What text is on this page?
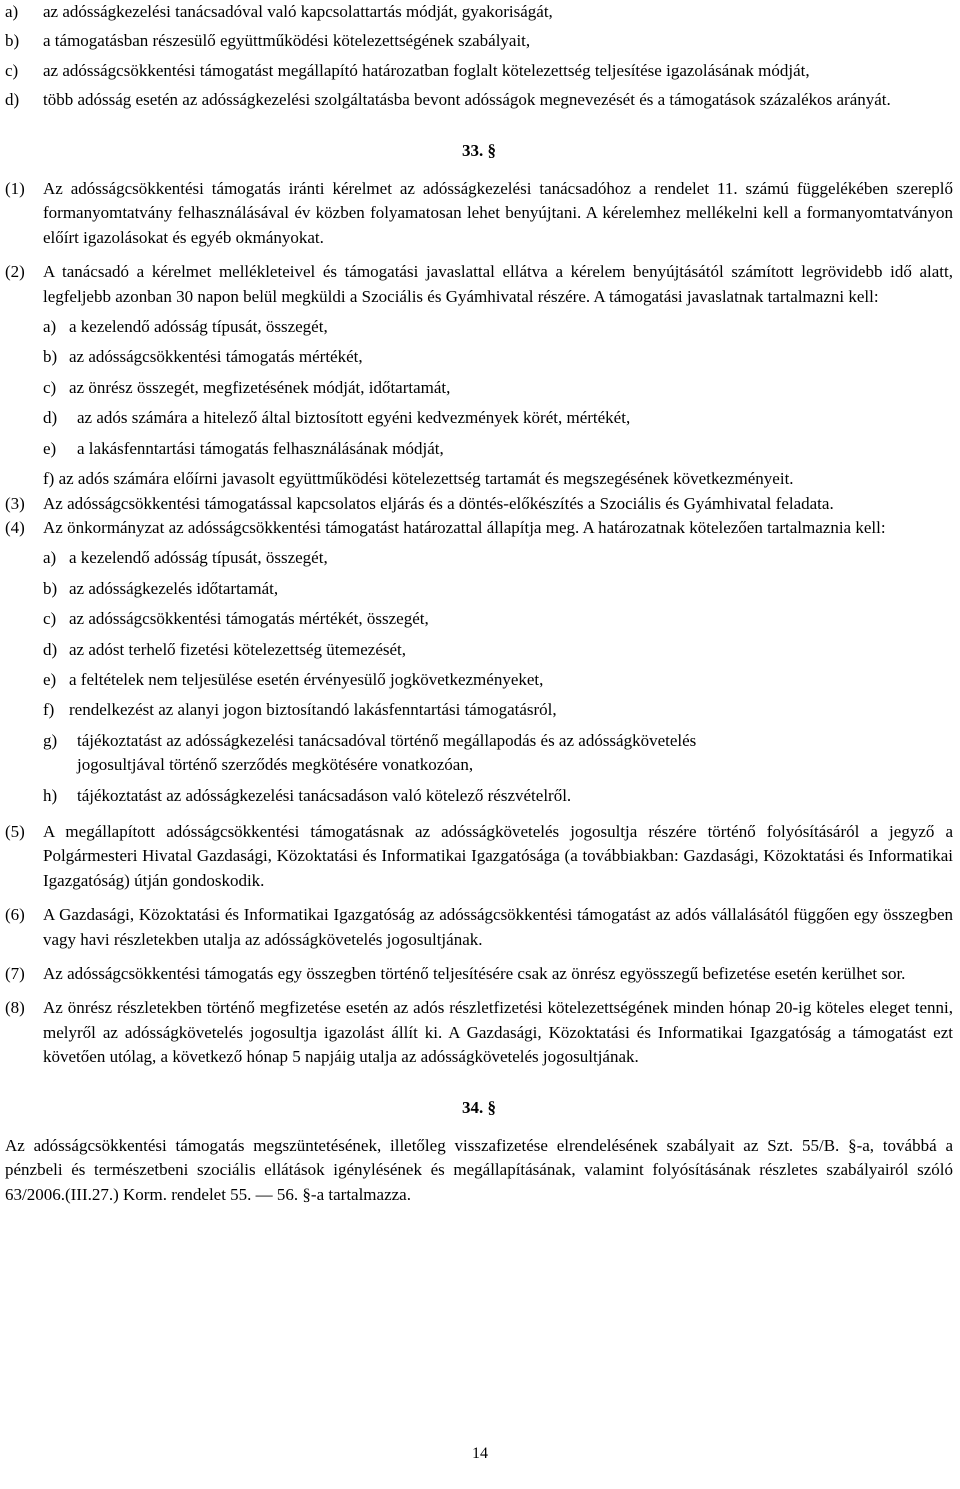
a) az adósságkezelési tanácsadóval való kapcsolattartás módját, gyakoriságát,
b) a támogatásban részesülő együttműködési kötelezettségének szabályait,
c) az adósságcsökkentési támogatást megállapító határozatban foglalt kötelezettség teljesítése igazolásának módját,
d) több adósság esetén az adósságkezelési szolgáltatásba bevont adósságok megnevezését és a támogatások százalékos arányát.
33. §
(1) Az adósságcsökkentési támogatás iránti kérelmet az adósságkezelési tanácsadóhoz a rendelet 11. számú függelékében szereplő formanyomtatvány felhasználásával év közben folyamatosan lehet benyújtani. A kérelemhez mellékelni kell a formanyomtatványon előírt igazolásokat és egyéb okmányokat.
(2) A tanácsadó a kérelmet mellékleteivel és támogatási javaslattal ellátva a kérelem benyújtásától számított legrövidebb idő alatt, legfeljebb azonban 30 napon belül megküldi a Szociális és Gyámhivatal részére. A támogatási javaslatnak tartalmazni kell:
a) a kezelendő adósság típusát, összegét,
b) az adósságcsökkentési támogatás mértékét,
c) az önrész összegét, megfizetésének módját, időtartamát,
d) az adós számára a hitelező által biztosított egyéni kedvezmények körét, mértékét,
e) a lakásfenntartási támogatás felhasználásának módját,
f) az adós számára előírni javasolt együttműködési kötelezettség tartamát és megszegésének következményeit.
(3) Az adósságcsökkentési támogatással kapcsolatos eljárás és a döntés-előkészítés a Szociális és Gyámhivatal feladata.
(4) Az önkormányzat az adósságcsökkentési támogatást határozattal állapítja meg. A határozatnak kötelezően tartalmaznia kell:
a) a kezelendő adósság típusát, összegét,
b) az adósságkezelés időtartamát,
c) az adósságcsökkentési támogatás mértékét, összegét,
d) az adóst terhelő fizetési kötelezettség ütemezését,
e) a feltételek nem teljesülése esetén érvényesülő jogkövetkezményeket,
f) rendelkezést az alanyi jogon biztosítandó lakásfenntartási támogatásról,
g) tájékoztatást az adósságkezelési tanácsadóval történő megállapodás és az adósságkövetelés jogosultjával történő szerződés megkötésére vonatkozóan,
h) tájékoztatást az adósságkezelési tanácsadáson való kötelező részvételről.
(5) A megállapított adósságcsökkentési támogatásnak az adósságkövetelés jogosultja részére történő folyósításáról a jegyző a Polgármesteri Hivatal Gazdasági, Közoktatási és Informatikai Igazgatósága (a továbbiakban: Gazdasági, Közoktatási és Informatikai Igazgatóság) útján gondoskodik.
(6) A Gazdasági, Közoktatási és Informatikai Igazgatóság az adósságcsökkentési támogatást az adós vállalásától függően egy összegben vagy havi részletekben utalja az adósságkövetelés jogosultjának.
(7) Az adósságcsökkentési támogatás egy összegben történő teljesítésére csak az önrész egyösszegű befizetése esetén kerülhet sor.
(8) Az önrész részletekben történő megfizetése esetén az adós részletfizetési kötelezettségének minden hónap 20-ig köteles eleget tenni, melyről az adósságkövetelés jogosultja igazolást állít ki. A Gazdasági, Közoktatási és Informatikai Igazgatóság a támogatást ezt követően utólag, a következő hónap 5 napjáig utalja az adósságkövetelés jogosultjának.
34. §
Az adósságcsökkentési támogatás megszüntetésének, illetőleg visszafizetése elrendelésének szabályait az Szt. 55/B. §-a, továbbá a pénzbeli és természetbeni szociális ellátások igénylésének és megállapításának, valamint folyósításának részletes szabályairól szóló 63/2006.(III.27.) Korm. rendelet 55. — 56. §-a tartalmazza.
14
